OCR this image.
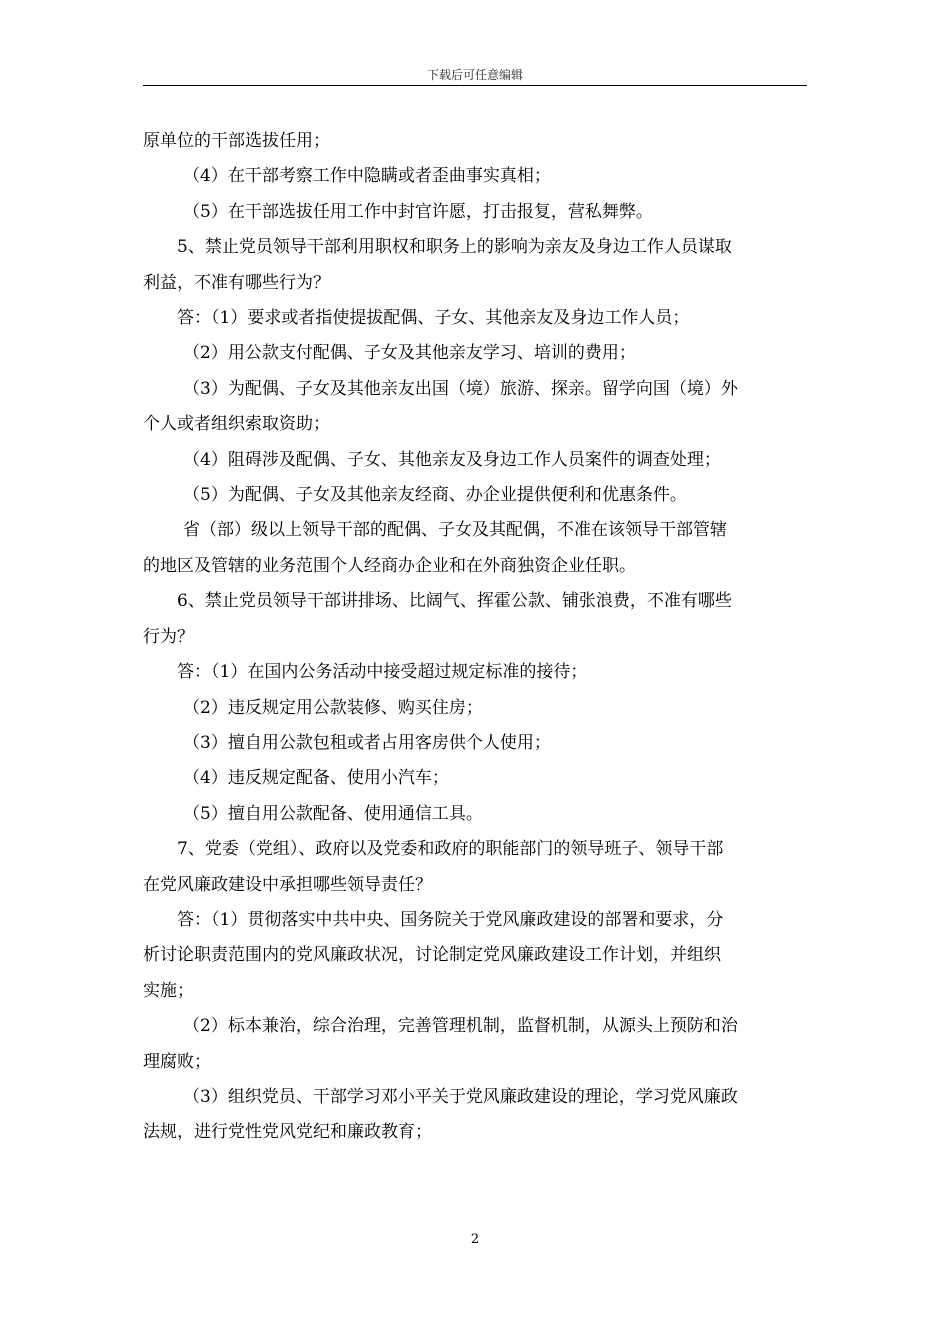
下载后可任意编辑

原单位的干部选拔任用；

（4）在干部考察工作中隐瞒或者歪曲事实真相；

（5）在干部选拔任用工作中封官许愿，打击报复，营私舞弊。

5、禁止党员领导干部利用职权和职务上的影响为亲友及身边工作人员谋取

利益，不准有哪些行为？

答：（1）要求或者指使提拔配偶、子女、其他亲友及身边工作人员；

（2）用公款支付配偶、子女及其他亲友学习、培训的费用；

（3）为配偶、子女及其他亲友出国（境）旅游、探亲。留学向国（境）外

个人或者组织索取资助；

（4）阻碍涉及配偶、子女、其他亲友及身边工作人员案件的调查处理；

（5）为配偶、子女及其他亲友经商、办企业提供便利和优惠条件。

省（部）级以上领导干部的配偶、子女及其配偶，不准在该领导干部管辖

的地区及管辖的业务范围个人经商办企业和在外商独资企业任职。

6、禁止党员领导干部讲排场、比阔气、挥霍公款、铺张浪费，不准有哪些

行为？

答：（1）在国内公务活动中接受超过规定标准的接待；

（2）违反规定用公款装修、购买住房；

（3）擅自用公款包租或者占用客房供个人使用；

（4）违反规定配备、使用小汽车；

（5）擅自用公款配备、使用通信工具。

7、党委（党组）、政府以及党委和政府的职能部门的领导班子、领导干部

在党风廉政建设中承担哪些领导责任？

答：（1）贯彻落实中共中央、国务院关于党风廉政建设的部署和要求，分

析讨论职责范围内的党风廉政状况，讨论制定党风廉政建设工作计划，并组织

实施；

（2）标本兼治，综合治理，完善管理机制，监督机制，从源头上预防和治

理腐败；

（3）组织党员、干部学习邓小平关于党风廉政建设的理论，学习党风廉政

法规，进行党性党风党纪和廉政教育；

2
